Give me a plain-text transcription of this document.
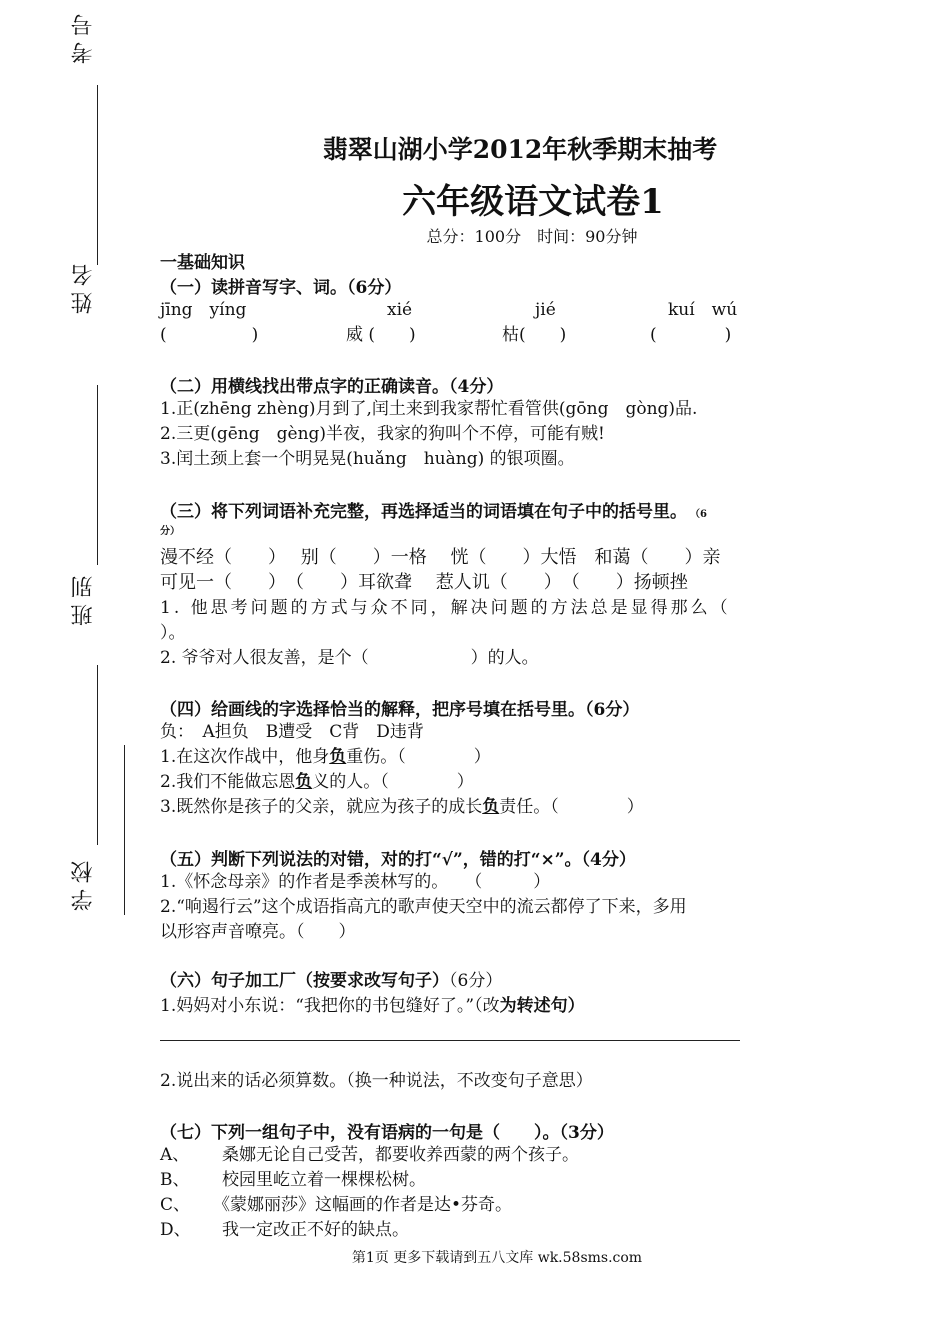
考号
姓名
班别
学校
翡翠山湖小学2012年秋季期末抽考
六年级语文试卷1
总分：100分　时间：90分钟
一基础知识
（一）读拼音写字、词。（6分）
jīng　yíng	xié	jié	kuí　wú
(　　　　　)	威 (　　)	枯(　　)	(　　　　)
（二）用横线找出带点字的正确读音。（4分）
1.正(zhēng zhèng)月到了,闰土来到我家帮忙看管供(gōng　gòng)品.
2.三更(gēng　gèng)半夜，我家的狗叫个不停，可能有贼!
3.闰土颈上套一个明晃晃(huǎng　huàng) 的银项圈。
（三）将下列词语补充完整，再选择适当的词语填在句子中的括号里。 （6
分）
漫不经（　　）　 别（　　）一格　 恍（　　）大悟　和蔼（　　）亲
可见一（　　）　（　　）耳欲聋　 惹人讥（　　）　（　　）扬顿挫
1. 他思考问题的方式与众不同，解决问题的方法总是显得那么（
）。
2. 爷爷对人很友善，是个（　　　　　　）的人。
（四）给画线的字选择恰当的解释，把序号填在括号里。（6分）
负：　A担负　B遭受　C背　D违背
1.在这次作战中，他身负重伤。（　　　　）
2.我们不能做忘恩负义的人。（　　　　）
3.既然你是孩子的父亲，就应为孩子的成长负责任。（　　　　）
（五）判断下列说法的对错，对的打“√”，错的打“×”。（4分）
1.《怀念母亲》的作者是季羡林写的。　　（　　　）
2.“响遏行云”这个成语指高亢的歌声使天空中的流云都停了下来，多用
以形容声音嘹亮。（　　）
（六）句子加工厂（按要求改写句子）（6分）
1.妈妈对小东说：“我把你的书包缝好了。”（改为转述句）
2.说出来的话必须算数。（换一种说法，不改变句子意思）
（七）下列一组句子中，没有语病的一句是（　　）。（3分）
A、 桑娜无论自己受苦，都要收养西蒙的两个孩子。
B、 校园里屹立着一棵棵松树。
C、 《蒙娜丽莎》这幅画的作者是达•芬奇。
D、 我一定改正不好的缺点。
第1页 更多下载请到五八文库 wk.58sms.com
